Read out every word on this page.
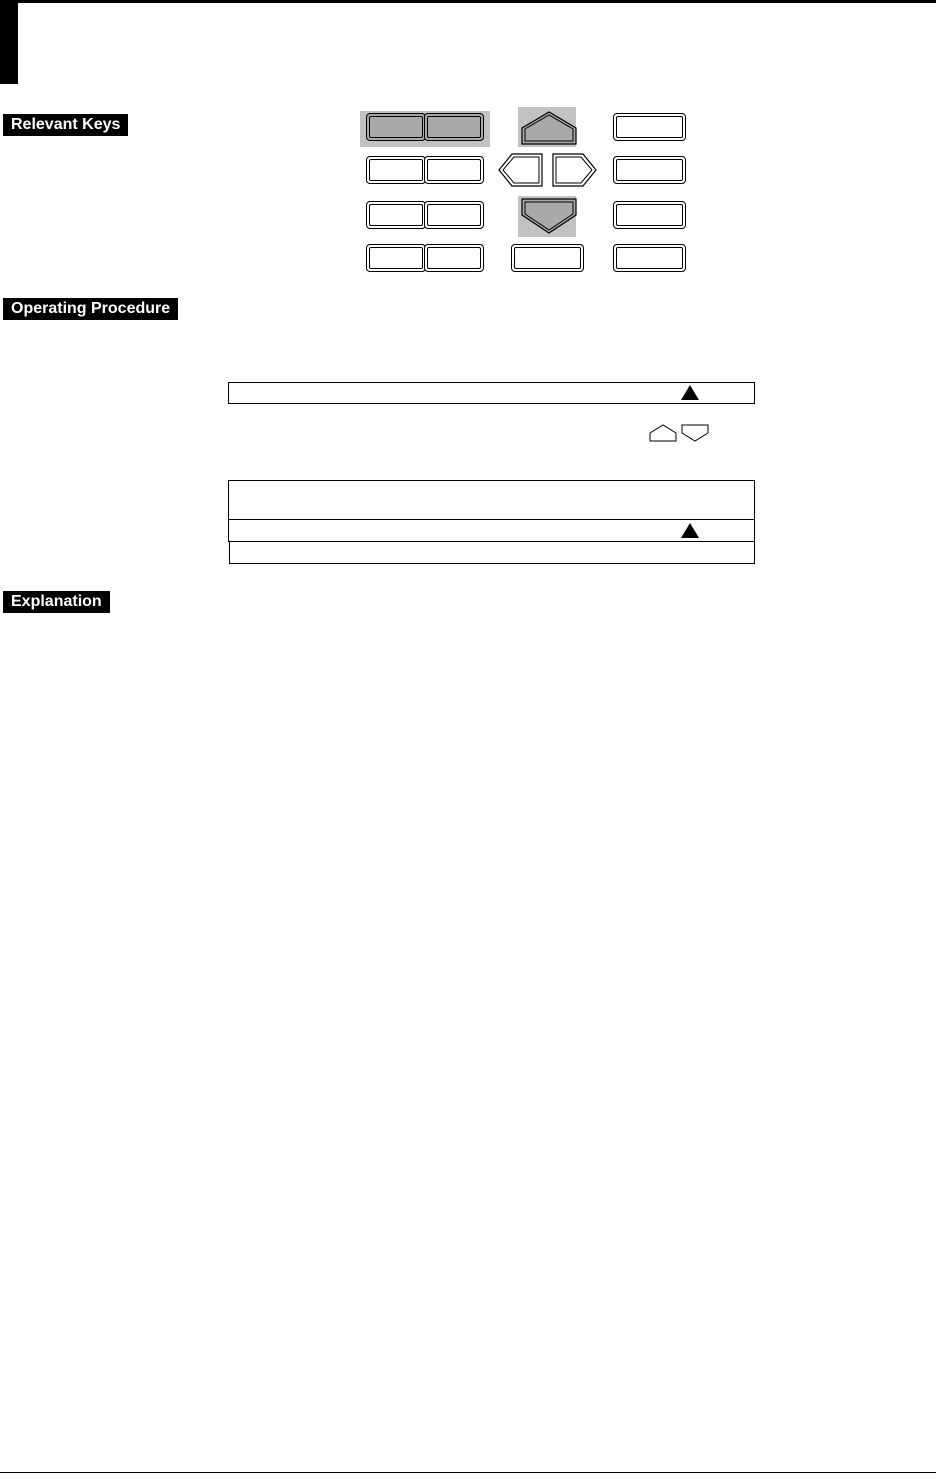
Relevant Keys
Operating Procedure
Explanation
